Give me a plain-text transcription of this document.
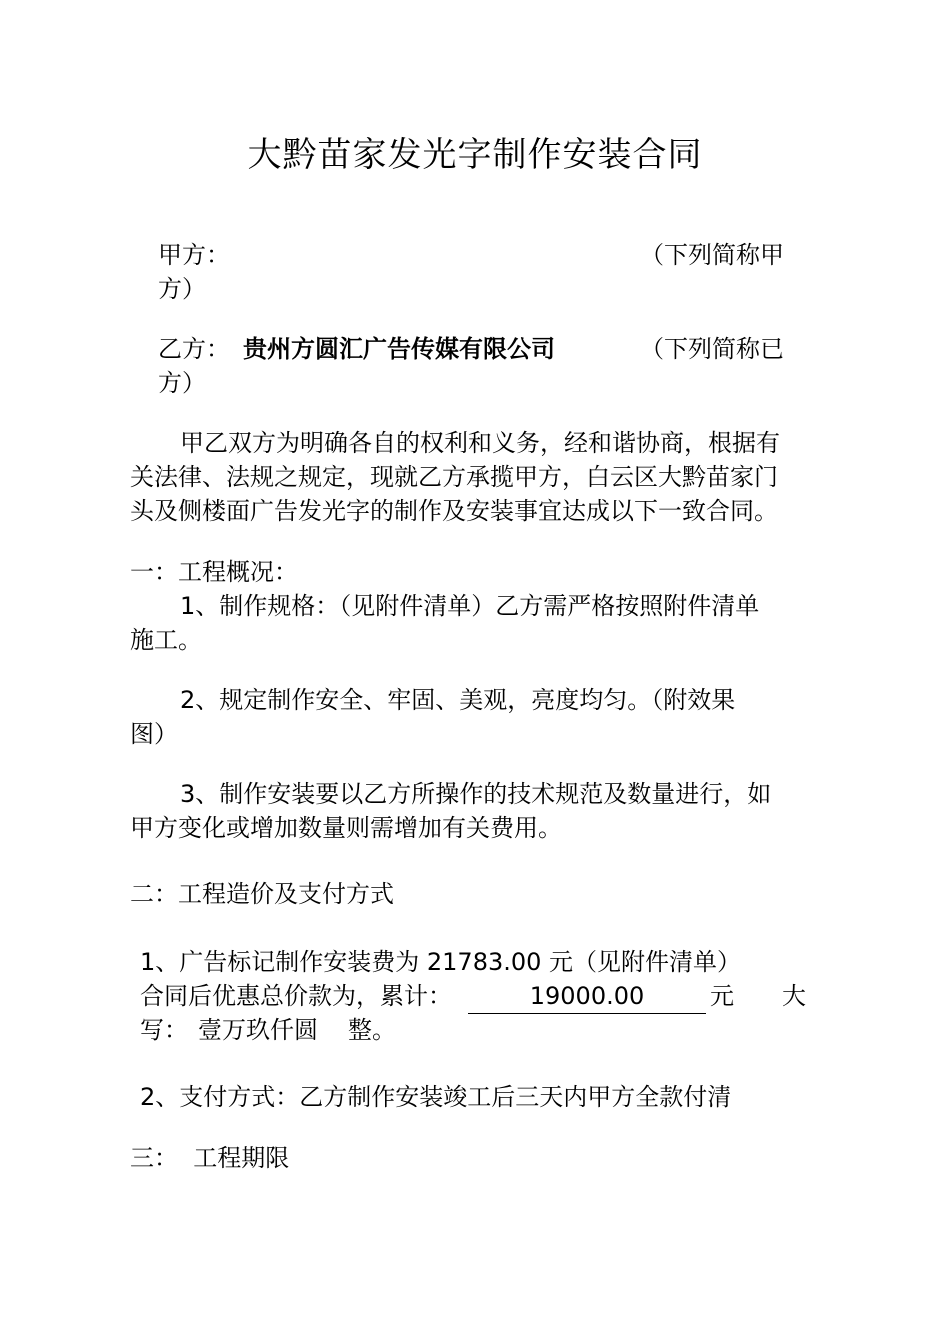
大黔苗家发光字制作安装合同
甲方：	（下列简称甲
方）
乙方： 贵州方圆汇广告传媒有限公司	（下列简称已
方）
甲乙双方为明确各自的权利和义务，经和谐协商，根据有
关法律、法规之规定，现就乙方承揽甲方，白云区大黔苗家门
头及侧楼面广告发光字的制作及安装事宜达成以下一致合同。
一：工程概况：
1、制作规格：（见附件清单）乙方需严格按照附件清单
施工。
2、规定制作安全、牢固、美观，亮度均匀。（附效果
图）
3、制作安装要以乙方所操作的技术规范及数量进行，如
甲方变化或增加数量则需增加有关费用。
二：工程造价及支付方式
1、广告标记制作安装费为 21783.00 元（见附件清单）
合同后优惠总价款为，累计：	19000.00	元 大
写： 壹万玖仟圆 整。
2、支付方式：乙方制作安装竣工后三天内甲方全款付清
三：  工程期限
